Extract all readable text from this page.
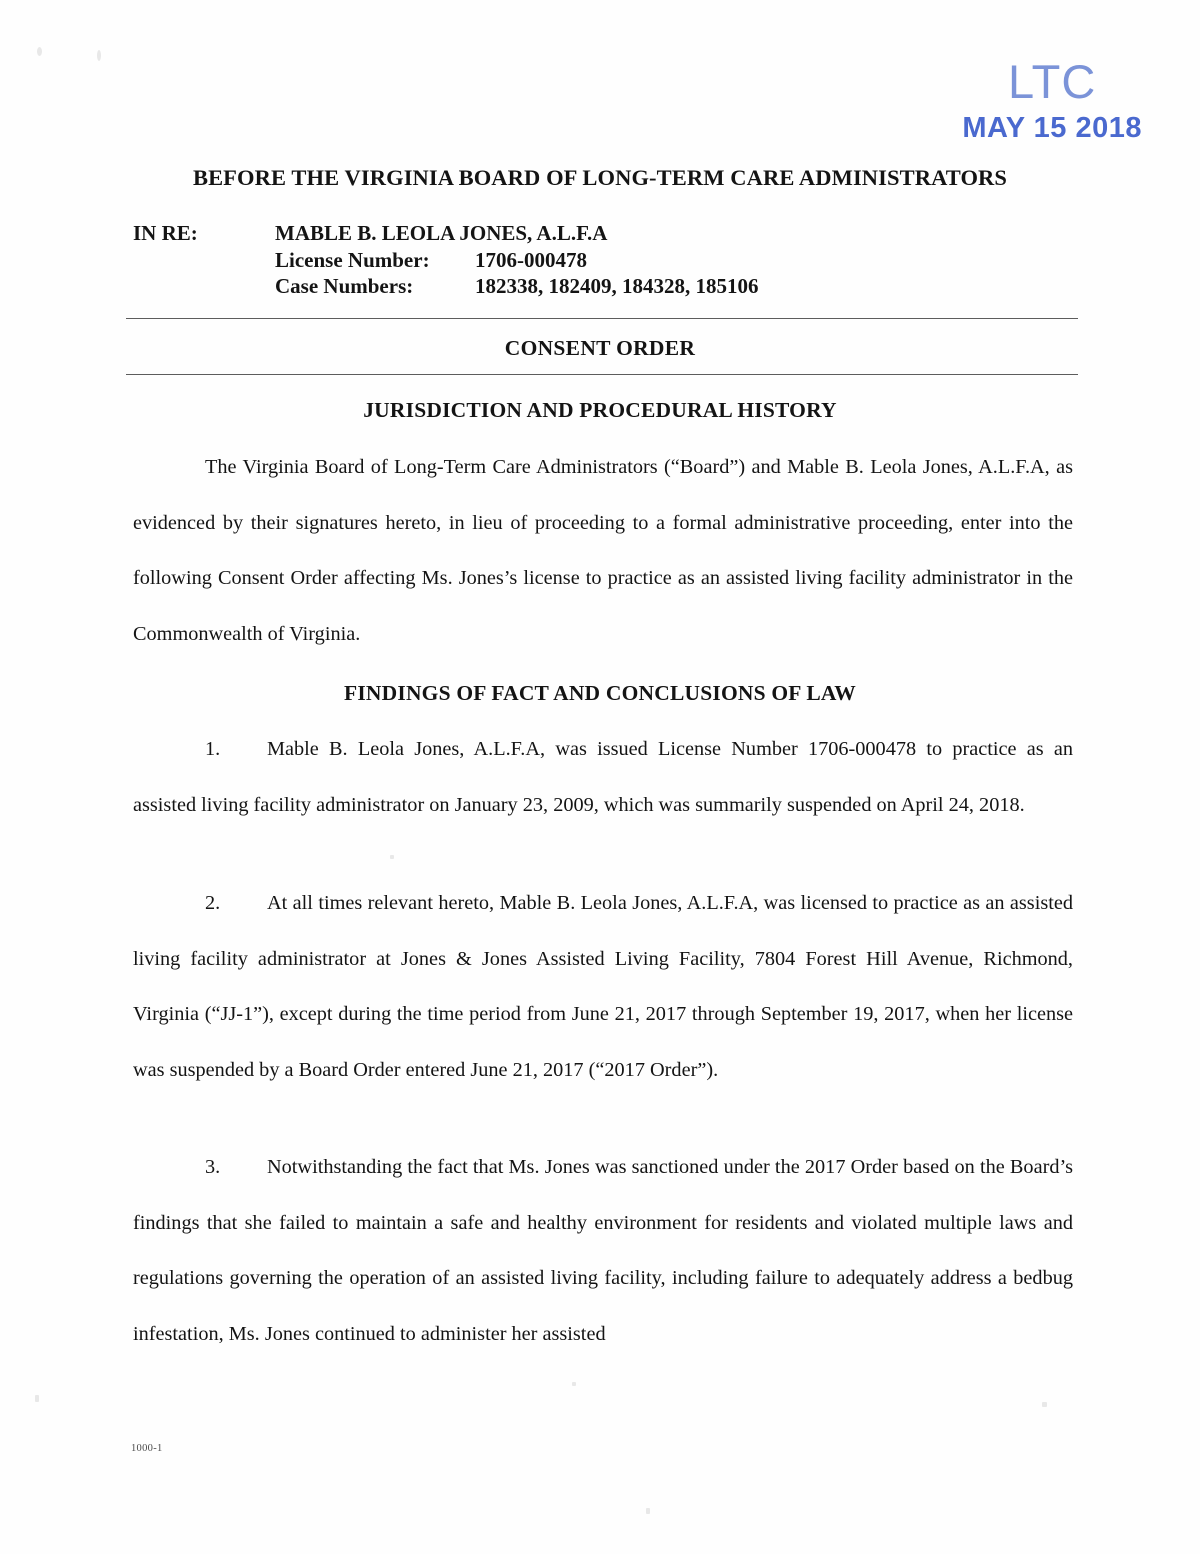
LTC
MAY 15 2018
BEFORE THE VIRGINIA BOARD OF LONG-TERM CARE ADMINISTRATORS
IN RE:	MABLE B. LEOLA JONES, A.L.F.A
License Number:	1706-000478
Case Numbers:	182338, 182409, 184328, 185106
CONSENT ORDER
JURISDICTION AND PROCEDURAL HISTORY

The Virginia Board of Long-Term Care Administrators (“Board”) and Mable B. Leola Jones, A.L.F.A, as evidenced by their signatures hereto, in lieu of proceeding to a formal administrative proceeding, enter into the following Consent Order affecting Ms. Jones’s license to practice as an assisted living facility administrator in the Commonwealth of Virginia.

FINDINGS OF FACT AND CONCLUSIONS OF LAW

1. Mable B. Leola Jones, A.L.F.A, was issued License Number 1706-000478 to practice as an assisted living facility administrator on January 23, 2009, which was summarily suspended on April 24, 2018.

2. At all times relevant hereto, Mable B. Leola Jones, A.L.F.A, was licensed to practice as an assisted living facility administrator at Jones & Jones Assisted Living Facility, 7804 Forest Hill Avenue, Richmond, Virginia (“JJ-1”), except during the time period from June 21, 2017 through September 19, 2017, when her license was suspended by a Board Order entered June 21, 2017 (“2017 Order”).

3. Notwithstanding the fact that Ms. Jones was sanctioned under the 2017 Order based on the Board’s findings that she failed to maintain a safe and healthy environment for residents and violated multiple laws and regulations governing the operation of an assisted living facility, including failure to adequately address a bedbug infestation, Ms. Jones continued to administer her assisted

1000-1
